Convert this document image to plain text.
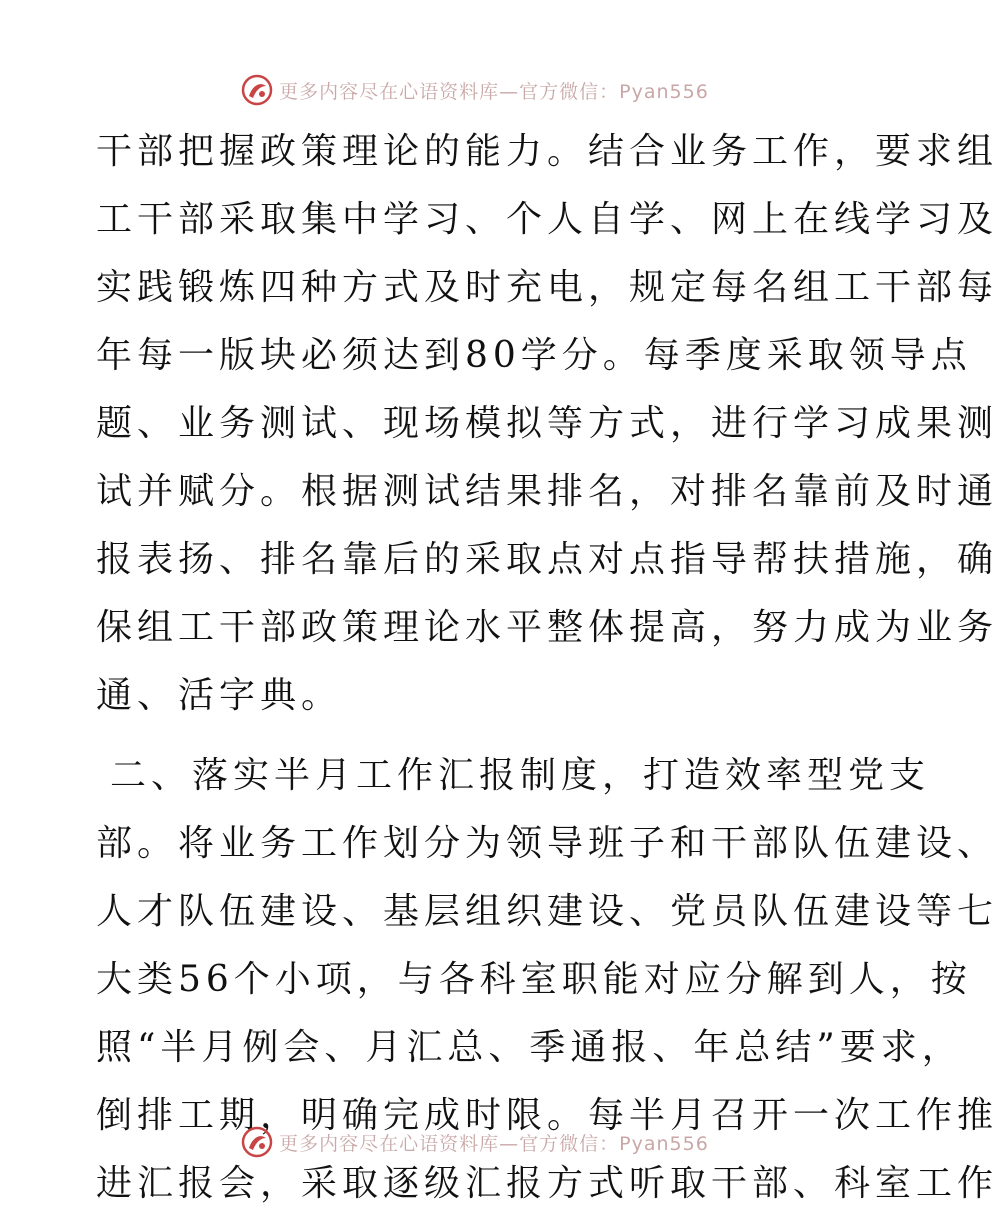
更多内容尽在心语资料库—官方微信：Pyan556
干部把握政策理论的能力。结合业务工作，要求组
工干部采取集中学习、个人自学、网上在线学习及
实践锻炼四种方式及时充电，规定每名组工干部每
年每一版块必须达到80学分。每季度采取领导点
题、业务测试、现场模拟等方式，进行学习成果测
试并赋分。根据测试结果排名，对排名靠前及时通
报表扬、排名靠后的采取点对点指导帮扶措施，确
保组工干部政策理论水平整体提高，努力成为业务
通、活字典。
二、落实半月工作汇报制度，打造效率型党支
部。将业务工作划分为领导班子和干部队伍建设、
人才队伍建设、基层组织建设、党员队伍建设等七
大类56个小项，与各科室职能对应分解到人，按
照“半月例会、月汇总、季通报、年总结”要求，
倒排工期，明确完成时限。每半月召开一次工作推
进汇报会，采取逐级汇报方式听取干部、科室工作
更多内容尽在心语资料库—官方微信：Pyan556
